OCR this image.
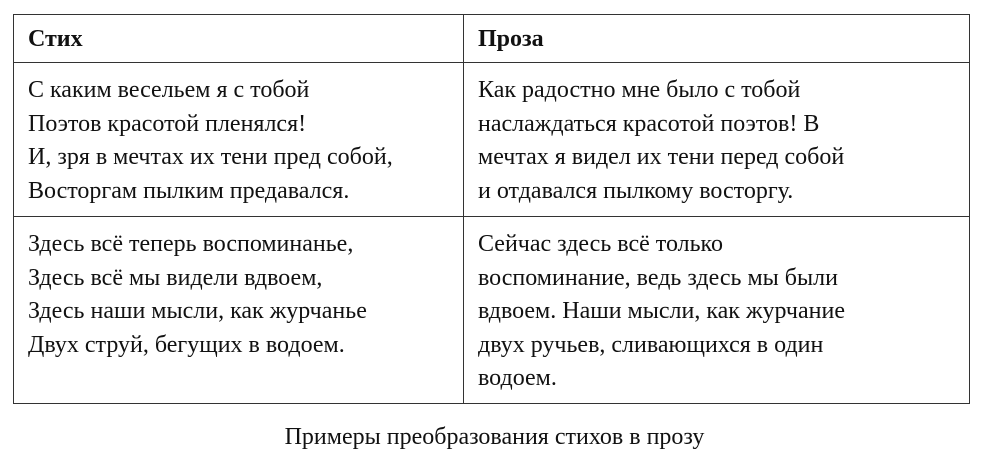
Стих	Проза

С каким весельем я с тобой
Поэтов красотой пленялся!
И, зря в мечтах их тени пред собой,
Восторгам пылким предавался.	Как радостно мне было с тобой
наслаждаться красотой поэтов! В
мечтах я видел их тени перед собой
и отдавался пылкому восторгу.

Здесь всё теперь воспоминанье,
Здесь всё мы видели вдвоем,
Здесь наши мысли, как журчанье
Двух струй, бегущих в водоем.	Сейчас здесь всё только
воспоминание, ведь здесь мы были
вдвоем. Наши мысли, как журчание
двух ручьев, сливающихся в один
водоем.
Примеры преобразования стихов в прозу
